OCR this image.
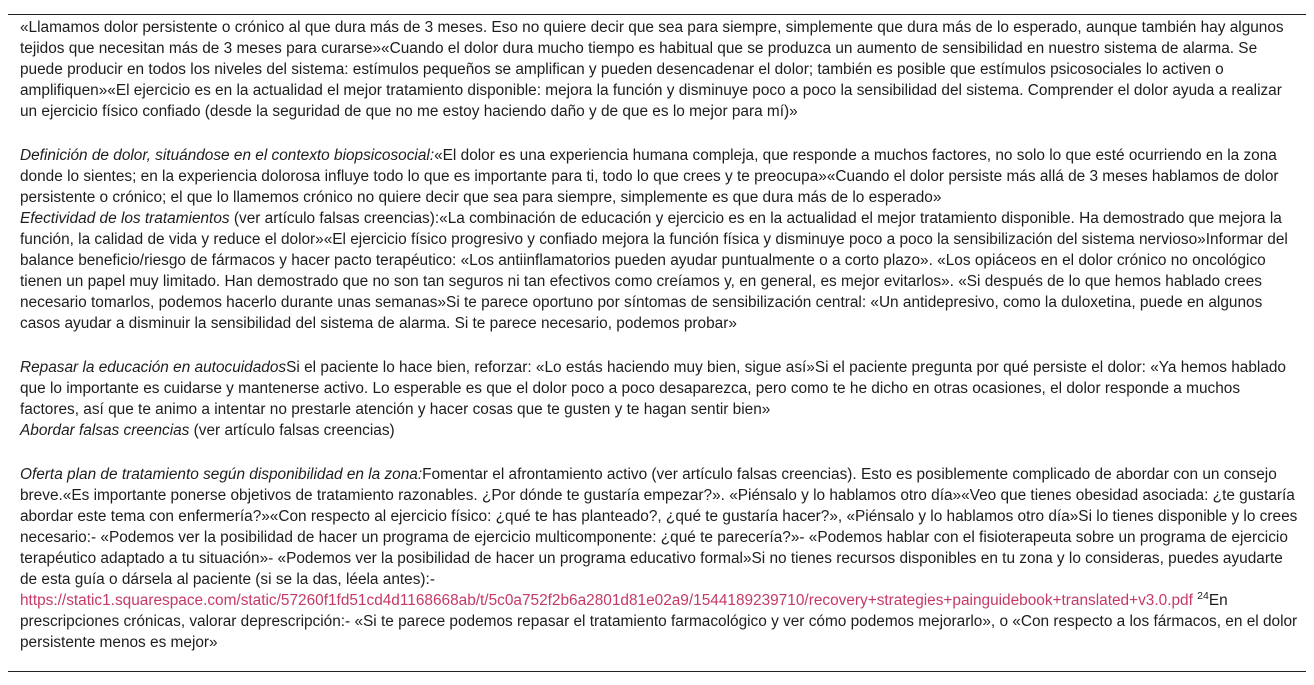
«Llamamos dolor persistente o crónico al que dura más de 3 meses. Eso no quiere decir que sea para siempre, simplemente que dura más de lo esperado, aunque también hay algunos tejidos que necesitan más de 3 meses para curarse»«Cuando el dolor dura mucho tiempo es habitual que se produzca un aumento de sensibilidad en nuestro sistema de alarma. Se puede producir en todos los niveles del sistema: estímulos pequeños se amplifican y pueden desencadenar el dolor; también es posible que estímulos psicosociales lo activen o amplifiquen»«El ejercicio es en la actualidad el mejor tratamiento disponible: mejora la función y disminuye poco a poco la sensibilidad del sistema. Comprender el dolor ayuda a realizar un ejercicio físico confiado (desde la seguridad de que no me estoy haciendo daño y de que es lo mejor para mí)»

Definición de dolor, situándose en el contexto biopsicosocial:«El dolor es una experiencia humana compleja, que responde a muchos factores, no solo lo que esté ocurriendo en la zona donde lo sientes; en la experiencia dolorosa influye todo lo que es importante para ti, todo lo que crees y te preocupa»«Cuando el dolor persiste más allá de 3 meses hablamos de dolor persistente o crónico; el que lo llamemos crónico no quiere decir que sea para siempre, simplemente es que dura más de lo esperado»

Efectividad de los tratamientos (ver artículo falsas creencias):«La combinación de educación y ejercicio es en la actualidad el mejor tratamiento disponible. Ha demostrado que mejora la función, la calidad de vida y reduce el dolor»«El ejercicio físico progresivo y confiado mejora la función física y disminuye poco a poco la sensibilización del sistema nervioso»Informar del balance beneficio/riesgo de fármacos y hacer pacto terapéutico: «Los antiinflamatorios pueden ayudar puntualmente o a corto plazo». «Los opiáceos en el dolor crónico no oncológico tienen un papel muy limitado. Han demostrado que no son tan seguros ni tan efectivos como creíamos y, en general, es mejor evitarlos». «Si después de lo que hemos hablado crees necesario tomarlos, podemos hacerlo durante unas semanas»Si te parece oportuno por síntomas de sensibilización central: «Un antidepresivo, como la duloxetina, puede en algunos casos ayudar a disminuir la sensibilidad del sistema de alarma. Si te parece necesario, podemos probar»

Repasar la educación en autocuidadosSi el paciente lo hace bien, reforzar: «Lo estás haciendo muy bien, sigue así»Si el paciente pregunta por qué persiste el dolor: «Ya hemos hablado que lo importante es cuidarse y mantenerse activo. Lo esperable es que el dolor poco a poco desaparezca, pero como te he dicho en otras ocasiones, el dolor responde a muchos factores, así que te animo a intentar no prestarle atención y hacer cosas que te gusten y te hagan sentir bien»

Abordar falsas creencias (ver artículo falsas creencias)

Oferta plan de tratamiento según disponibilidad en la zona:Fomentar el afrontamiento activo (ver artículo falsas creencias). Esto es posiblemente complicado de abordar con un consejo breve.«Es importante ponerse objetivos de tratamiento razonables. ¿Por dónde te gustaría empezar?». «Piénsalo y lo hablamos otro día»«Veo que tienes obesidad asociada: ¿te gustaría abordar este tema con enfermería?»«Con respecto al ejercicio físico: ¿qué te has planteado?, ¿qué te gustaría hacer?», «Piénsalo y lo hablamos otro día»Si lo tienes disponible y lo crees necesario:- «Podemos ver la posibilidad de hacer un programa de ejercicio multicomponente: ¿qué te parecería?»- «Podemos hablar con el fisioterapeuta sobre un programa de ejercicio terapéutico adaptado a tu situación»- «Podemos ver la posibilidad de hacer un programa educativo formal»Si no tienes recursos disponibles en tu zona y lo consideras, puedes ayudarte de esta guía o dársela al paciente (si se la das, léela antes):- https://static1.squarespace.com/static/57260f1fd51cd4d1168668ab/t/5c0a752f2b6a2801d81e02a9/1544189239710/recovery+strategies+painguidebook+translated+v3.0.pdf $^{24}$En prescripciones crónicas, valorar deprescripción:- «Si te parece podemos repasar el tratamiento farmacológico y ver cómo podemos mejorarlo», o «Con respecto a los fármacos, en el dolor persistente menos es mejor»
